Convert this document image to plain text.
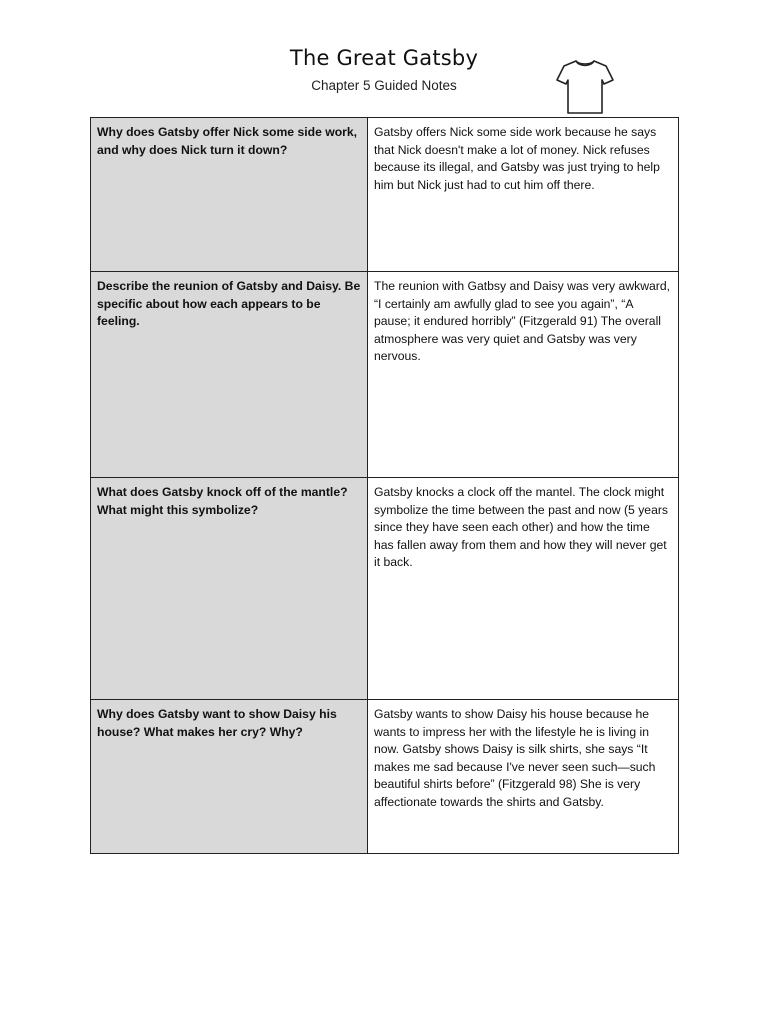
The Great Gatsby
Chapter 5 Guided Notes
Why does Gatsby offer Nick some side work, and why does Nick turn it down?	Gatsby offers Nick some side work because he says that Nick doesn't make a lot of money. Nick refuses because its illegal, and Gatsby was just trying to help him but Nick just had to cut him off there.
Describe the reunion of Gatsby and Daisy. Be specific about how each appears to be feeling.	The reunion with Gatbsy and Daisy was very awkward, “I certainly am awfully glad to see you again”, “A pause; it endured horribly” (Fitzgerald 91) The overall atmosphere was very quiet and Gatsby was very nervous.
What does Gatsby knock off of the mantle? What might this symbolize?	Gatsby knocks a clock off the mantel. The clock might symbolize the time between the past and now (5 years since they have seen each other) and how the time has fallen away from them and how they will never get it back.
Why does Gatsby want to show Daisy his house? What makes her cry? Why?	Gatsby wants to show Daisy his house because he wants to impress her with the lifestyle he is living in now. Gatsby shows Daisy is silk shirts, she says “It makes me sad because I've never seen such—such beautiful shirts before” (Fitzgerald 98) She is very affectionate towards the shirts and Gatsby.
